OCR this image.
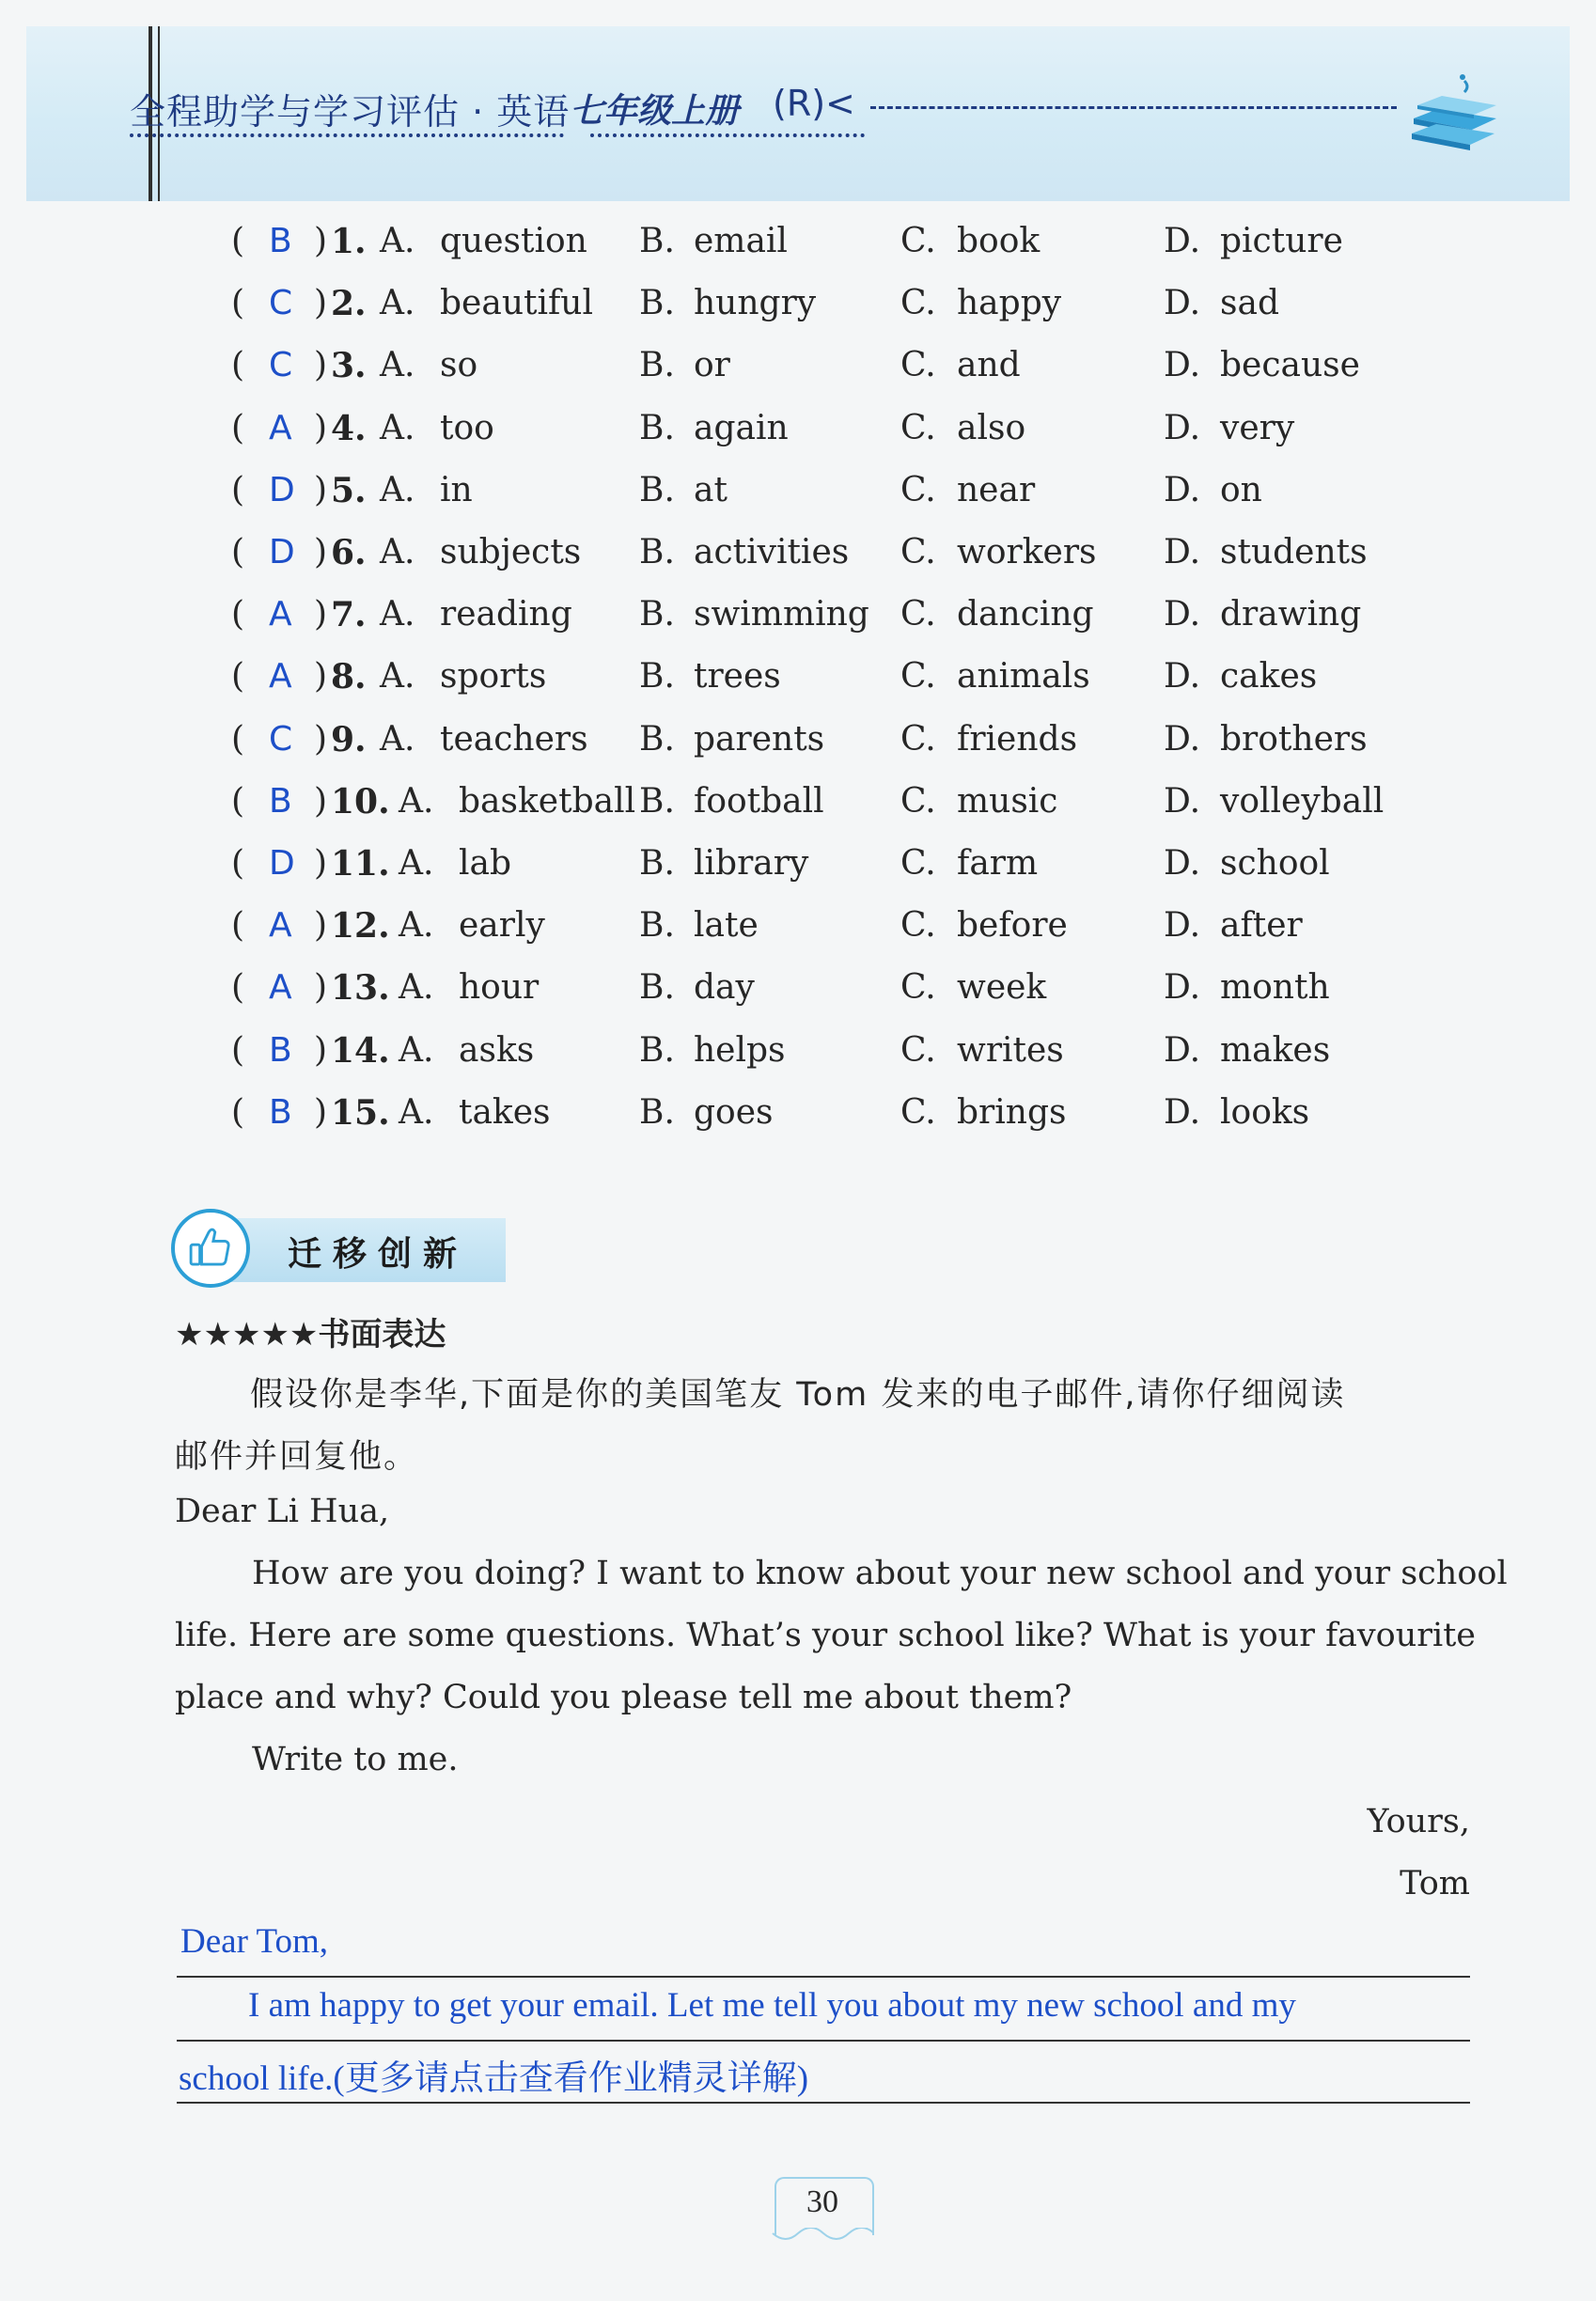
全程助学与学习评估 · 英语 七年级上册 (R)<
( B ) 1. A. question B. email	C. book	D. picture
( C ) 2. A. beautiful B. hungry C. happy	D. sad
( C ) 3. A. so	B. or	C. and	D. because
( A ) 4. A. too	B. again	C. also	D. very
( D ) 5. A. in	B. at	C. near	D. on
( D ) 6. A. subjects B. activities C. workers D. students
( A ) 7. A. reading B. swimming C. dancing D. drawing
( A ) 8. A. sports	B. trees	C. animals D. cakes
( C ) 9. A. teachers B. parents C. friends	D. brothers
( B ) 10. A. basketball B. football C. music	D. volleyball
( D ) 11. A. lab	B. library	C. farm	D. school
( A ) 12. A. early	B. late	C. before	D. after
( A ) 13. A. hour	B. day	C. week	D. month
( B ) 14. A. asks	B. helps	C. writes	D. makes
( B ) 15. A. takes	B. goes	C. brings	D. looks
迁移创新
★★★★★书面表达
假设你是李华,下面是你的美国笔友 Tom 发来的电子邮件,请你仔细阅读
邮件并回复他。
Dear Li Hua,
How are you doing? I want to know about your new school and your school
life. Here are some questions. What’s your school like? What is your favourite
place and why? Could you please tell me about them?
Write to me.
Yours,
Tom
Dear Tom,
I am happy to get your email. Let me tell you about my new school and my
school life.(更多请点击查看作业精灵详解)
30
